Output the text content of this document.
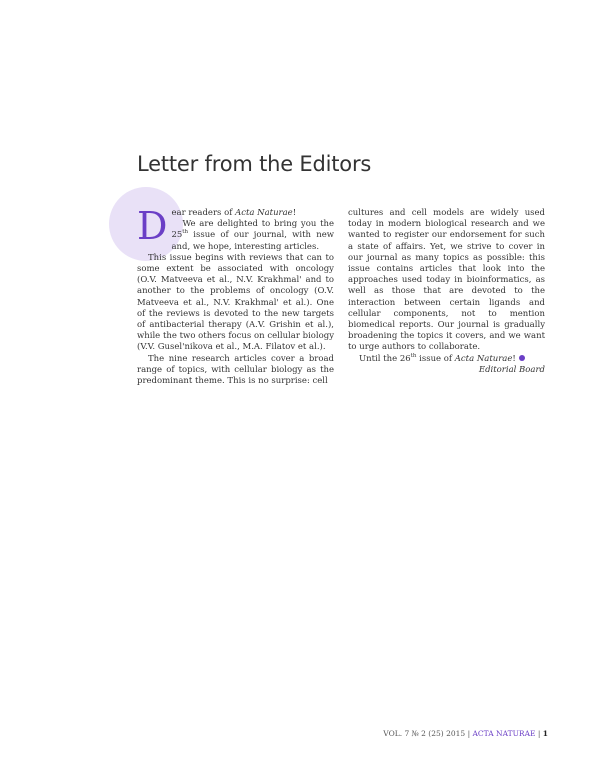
Letter from the Editors

Dear readers of Acta Naturae!

We are delighted to bring you the 25th issue of our journal, with new and, we hope, interesting articles.

This issue begins with reviews that can to some extent be associated with oncology (O.V. Matveeva et al., N.V. Krakhmal' and to another to the problems of oncology (O.V. Matveeva et al., N.V. Krakhmal' et al.). One of the reviews is devoted to the new targets of antibacterial therapy (A.V. Grishin et al.), while the two others focus on cellular biology (V.V. Gusel'nikova et al., M.A. Filatov et al.).

The nine research articles cover a broad range of topics, with cellular biology as the predominant theme. This is no surprise: cell

cultures and cell models are widely used today in modern biological research and we wanted to register our endorsement for such a state of affairs. Yet, we strive to cover in our journal as many topics as possible: this issue contains articles that look into the approaches used today in bioinformatics, as well as those that are devoted to the interaction between certain ligands and cellular components, not to mention biomedical reports. Our journal is gradually broadening the topics it covers, and we want to urge authors to collaborate.

Until the 26th issue of Acta Naturae!

Editorial Board

VOL. 7 № 2 (25) 2015 | ACTA NATURAE | 1
